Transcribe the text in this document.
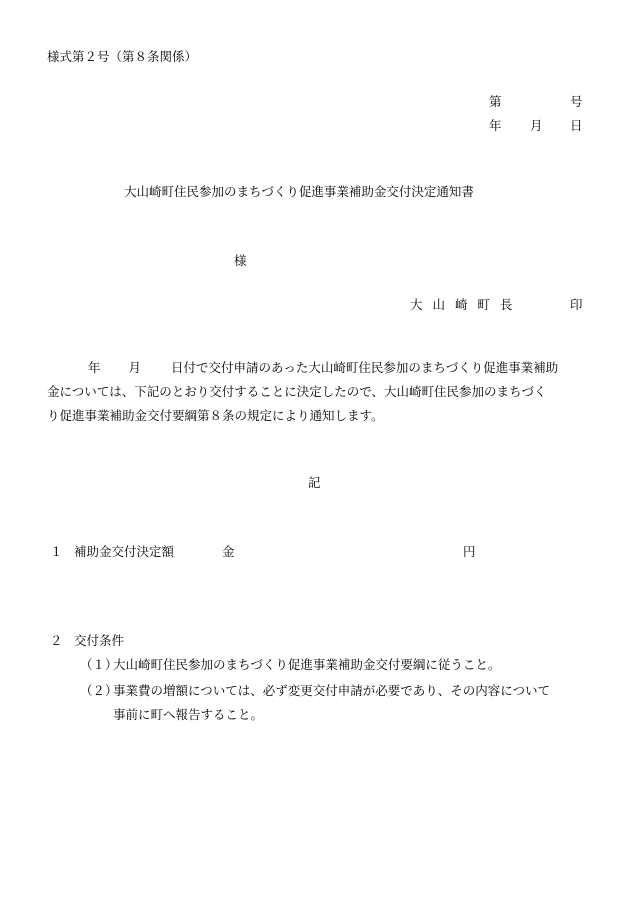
様式第２号（第８条関係）
第	号
年 月 日
大山崎町住民参加のまちづくり促進事業補助金交付決定通知書
様
大 山 崎 町 長	印
年 月 日付で交付申請のあった大山崎町住民参加のまちづくり促進事業補助
金については、下記のとおり交付することに決定したので、大山崎町住民参加のまちづく
り促進事業補助金交付要綱第８条の規定により通知します。
記
１ 補助金交付決定額	金	円
２ 交付条件
（１）
大山崎町住民参加のまちづくり促進事業補助金交付要綱に従うこと。
（２）
事業費の増額については、必ず変更交付申請が必要であり、その内容について
事前に町へ報告すること。
